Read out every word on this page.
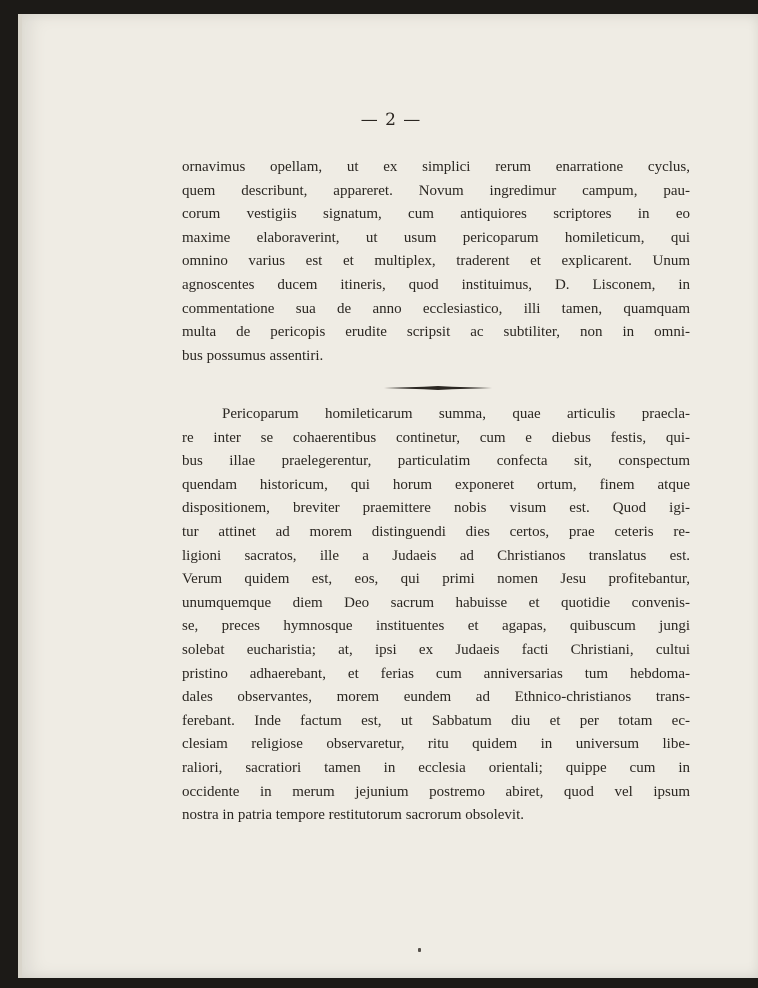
— 2 —
ornavimus opellam, ut ex simplici rerum enarratione cyclus,
quem describunt, appareret. Novum ingredimur campum, pau-
corum vestigiis signatum, cum antiquiores scriptores in eo
maxime elaboraverint, ut usum pericoparum homileticum, qui
omnino varius est et multiplex, traderent et explicarent. Unum
agnoscentes ducem itineris, quod instituimus, D. Lisconem, in
commentatione sua de anno ecclesiastico, illi tamen, quamquam
multa de pericopis erudite scripsit ac subtiliter, non in omni-
bus possumus assentiri.
Pericoparum homileticarum summa, quae articulis praecla-
re inter se cohaerentibus continetur, cum e diebus festis, qui-
bus illae praelegerentur, particulatim confecta sit, conspectum
quendam historicum, qui horum exponeret ortum, finem atque
dispositionem, breviter praemittere nobis visum est. Quod igi-
tur attinet ad morem distinguendi dies certos, prae ceteris re-
ligioni sacratos, ille a Judaeis ad Christianos translatus est.
Verum quidem est, eos, qui primi nomen Jesu profitebantur,
unumquemque diem Deo sacrum habuisse et quotidie convenis-
se, preces hymnosque instituentes et agapas, quibuscum jungi
solebat eucharistia; at, ipsi ex Judaeis facti Christiani, cultui
pristino adhaerebant, et ferias cum anniversarias tum hebdoma-
dales observantes, morem eundem ad Ethnico-christianos trans-
ferebant. Inde factum est, ut Sabbatum diu et per totam ec-
clesiam religiose observaretur, ritu quidem in universum libe-
raliori, sacratiori tamen in ecclesia orientali; quippe cum in
occidente in merum jejunium postremo abiret, quod vel ipsum
nostra in patria tempore restitutorum sacrorum obsolevit.
